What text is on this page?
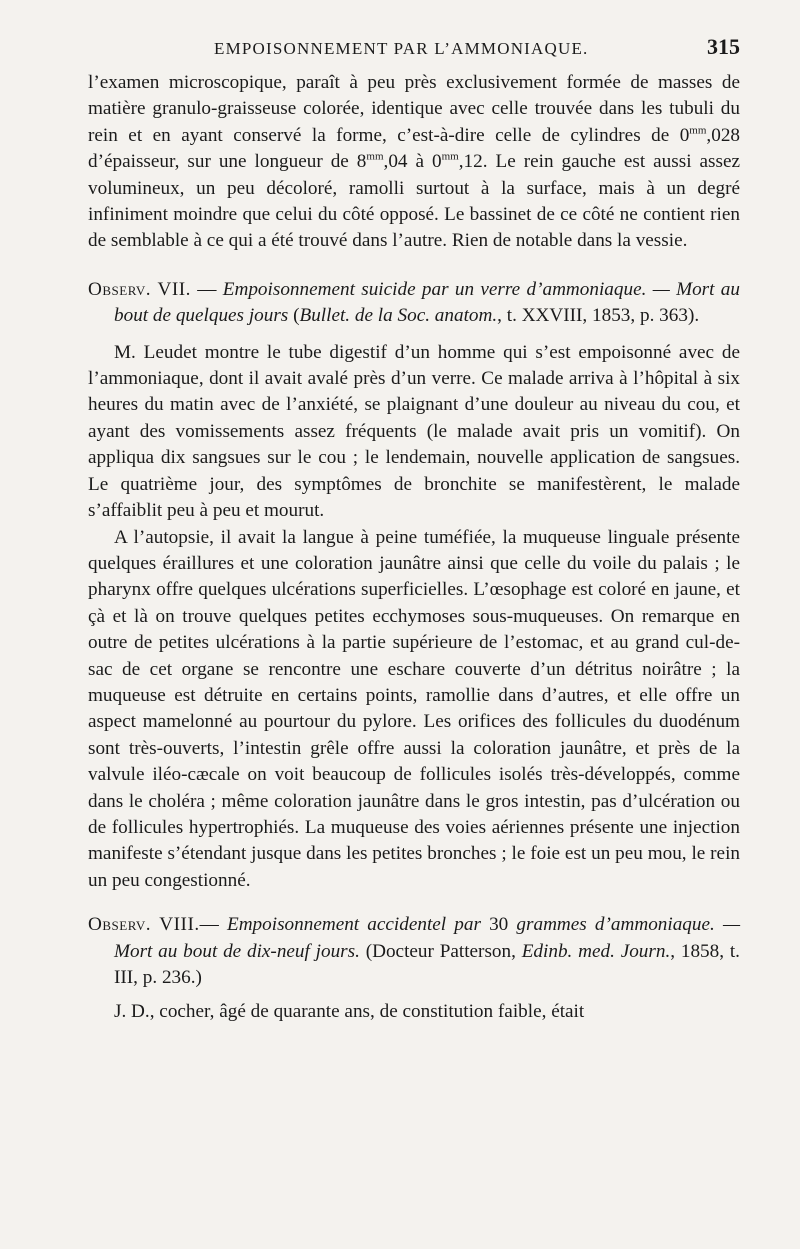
EMPOISONNEMENT PAR L’AMMONIAQUE.	315

l’examen microscopique, paraît à peu près exclusivement formée de masses de matière granulo-graisseuse colorée, identique avec celle trouvée dans les tubuli du rein et en ayant conservé la forme, c’est-à-dire celle de cylindres de $0^{mm},028$ d’épaisseur, sur une longueur de $8^{mm},04$ à $0^{mm},12$. Le rein gauche est aussi assez volumineux, un peu décoloré, ramolli surtout à la surface, mais à un degré infiniment moindre que celui du côté opposé. Le bassinet de ce côté ne contient rien de semblable à ce qui a été trouvé dans l’autre. Rien de notable dans la vessie.

Observ. VII. — Empoisonnement suicide par un verre d’ammoniaque. — Mort au bout de quelques jours (Bullet. de la Soc. anatom., t. XXVIII, 1853, p. 363).

M. Leudet montre le tube digestif d’un homme qui s’est empoisonné avec de l’ammoniaque, dont il avait avalé près d’un verre. Ce malade arriva à l’hôpital à six heures du matin avec de l’anxiété, se plaignant d’une douleur au niveau du cou, et ayant des vomissements assez fréquents (le malade avait pris un vomitif). On appliqua dix sangsues sur le cou ; le lendemain, nouvelle application de sangsues. Le quatrième jour, des symptômes de bronchite se manifestèrent, le malade s’affaiblit peu à peu et mourut.

A l’autopsie, il avait la langue à peine tuméfiée, la muqueuse linguale présente quelques éraillures et une coloration jaunâtre ainsi que celle du voile du palais ; le pharynx offre quelques ulcérations superficielles. L’œsophage est coloré en jaune, et çà et là on trouve quelques petites ecchymoses sous-muqueuses. On remarque en outre de petites ulcérations à la partie supérieure de l’estomac, et au grand cul-de-sac de cet organe se rencontre une eschare couverte d’un détritus noirâtre ; la muqueuse est détruite en certains points, ramollie dans d’autres, et elle offre un aspect mamelonné au pourtour du pylore. Les orifices des follicules du duodénum sont très-ouverts, l’intestin grêle offre aussi la coloration jaunâtre, et près de la valvule iléo-cæcale on voit beaucoup de follicules isolés très-développés, comme dans le choléra ; même coloration jaunâtre dans le gros intestin, pas d’ulcération ou de follicules hypertrophiés. La muqueuse des voies aériennes présente une injection manifeste s’étendant jusque dans les petites bronches ; le foie est un peu mou, le rein un peu congestionné.

Observ. VIII.— Empoisonnement accidentel par 30 grammes d’ammoniaque. — Mort au bout de dix-neuf jours. (Docteur Patterson, Edinb. med. Journ., 1858, t. III, p. 236.)

J. D., cocher, âgé de quarante ans, de constitution faible, était
